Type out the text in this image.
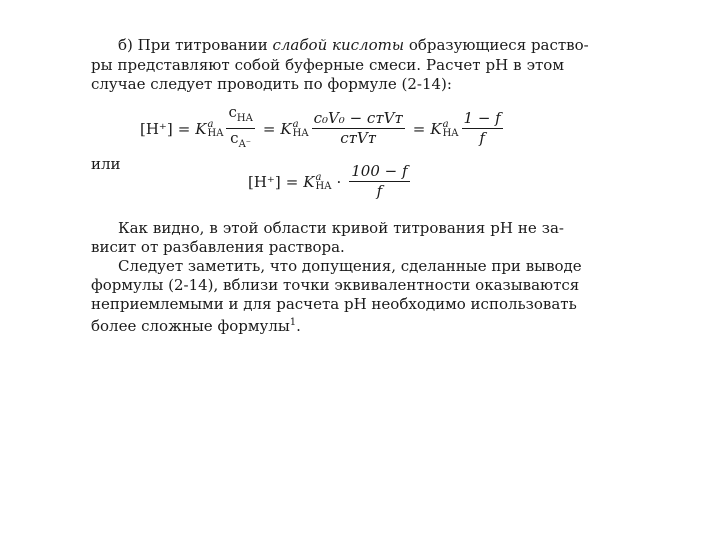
б) При титровании слабой кислоты образующиеся раство-
ры представляют собой буферные смеси. Расчет рН в этом
случае следует проводить по формуле (2-14):
[H⁺] = K a
HA $\frac{c_{HA}}{c_{A^-}} = K$ a
HA $\frac{\text{c₀V₀ − cᴛVᴛ}}{\text{cᴛVᴛ}} = K$ a
HA $\frac{1 - f}{f}$
или
[H⁺] = K a
HA · $\frac{100 - f}{f}$
Как видно, в этой области кривой титрования рН не за-
висит от разбавления раствора.
Следует заметить, что допущения, сделанные при выводе
формулы (2-14), вблизи точки эквивалентности оказываются
неприемлемыми и для расчета рН необходимо использовать
более сложные формулы$^1$.
